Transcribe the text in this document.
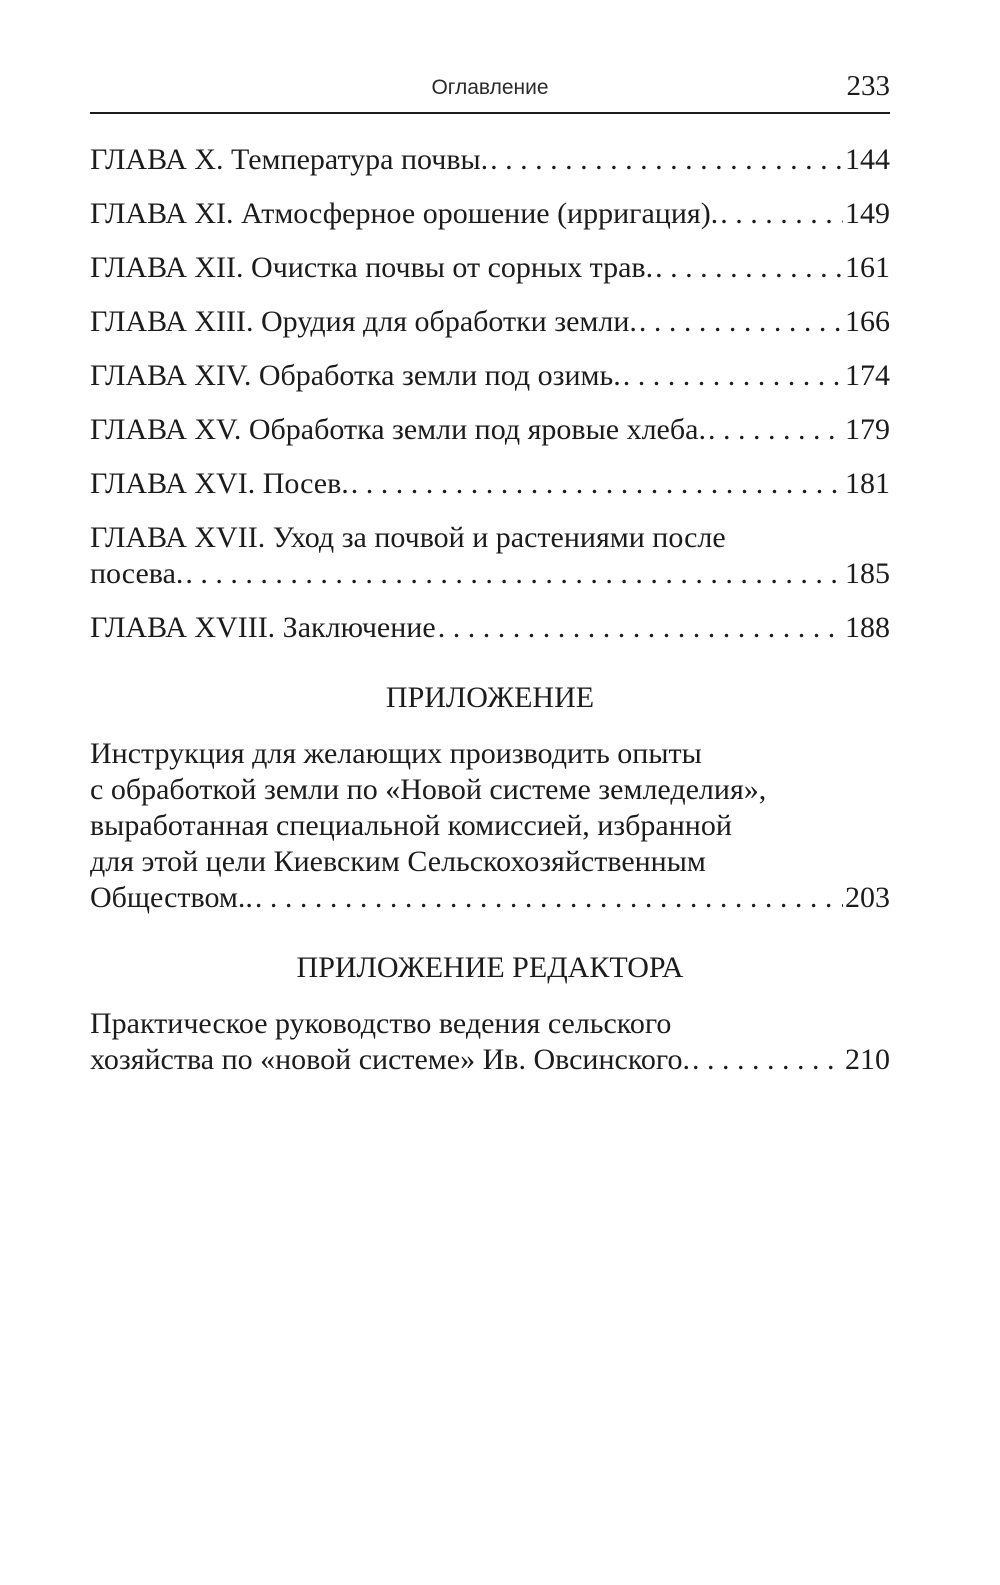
Оглавление	233
ГЛАВА X. Температура почвы. . . .	144
ГЛАВА XI. Атмосферное орошение (ирригация). . . .	149
ГЛАВА XII. Очистка почвы от сорных трав. . . .	161
ГЛАВА XIII. Орудия для обработки земли. . . .	166
ГЛАВА XIV. Обработка земли под озимь. . . .	174
ГЛАВА XV. Обработка земли под яровые хлеба. . . .	179
ГЛАВА XVI. Посев. . . .	181
ГЛАВА XVII. Уход за почвой и растениями после
посева. . . .	185
ГЛАВА XVIII. Заключение . . .	188
ПРИЛОЖЕНИЕ
Инструкция для желающих производить опыты
с обработкой земли по «Новой системе земледелия»,
выработанная специальной комиссией, избранной
для этой цели Киевским Сельскохозяйственным
Обществом.. . . .	203
ПРИЛОЖЕНИЕ РЕДАКТОРА
Практическое руководство ведения сельского
хозяйства по «новой системе» Ив. Овсинского. . . .	210
